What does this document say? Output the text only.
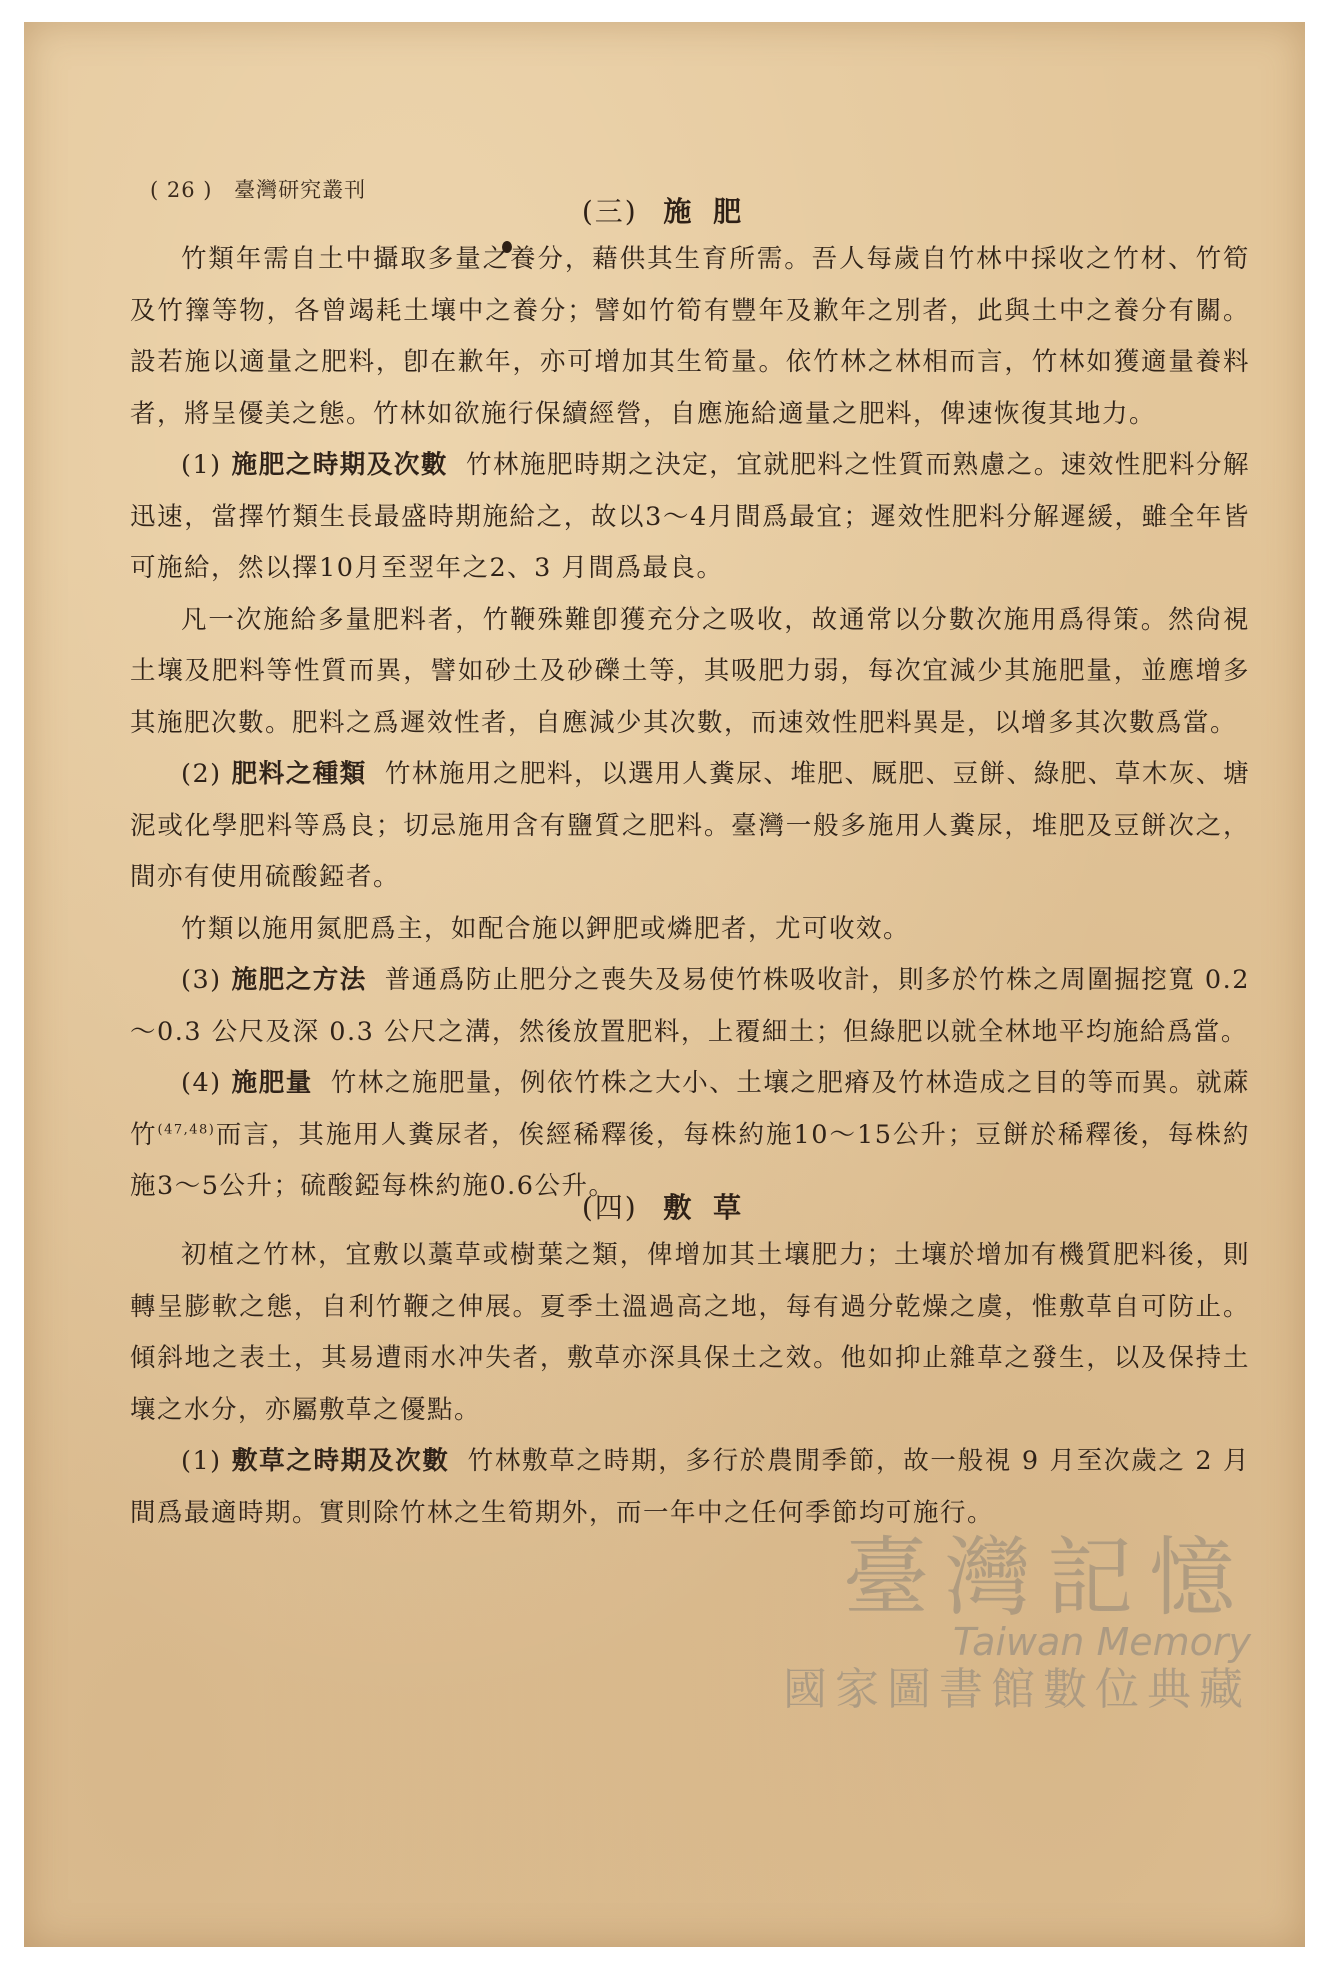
( 26 ) 臺灣研究叢刊
(三) 施 肥

竹類年需自土中攝取多量之養分，藉供其生育所需。吾人每歲自竹林中採收之竹材、竹筍及竹籜等物，各曾竭耗土壤中之養分；譬如竹筍有豐年及歉年之別者，此與土中之養分有關。設若施以適量之肥料，卽在歉年，亦可增加其生筍量。依竹林之林相而言，竹林如獲適量養料者，將呈優美之態。竹林如欲施行保續經營，自應施給適量之肥料，俾速恢復其地力。

(1) 施肥之時期及次數 竹林施肥時期之決定，宜就肥料之性質而熟慮之。速效性肥料分解迅速，當擇竹類生長最盛時期施給之，故以3～4月間爲最宜；遲效性肥料分解遲緩，雖全年皆可施給，然以擇10月至翌年之2、3 月間爲最良。

凡一次施給多量肥料者，竹鞭殊難卽獲充分之吸收，故通常以分數次施用爲得策。然尙視土壤及肥料等性質而異，譬如砂土及砂礫土等，其吸肥力弱，每次宜減少其施肥量，並應增多其施肥次數。肥料之爲遲效性者，自應減少其次數，而速效性肥料異是，以增多其次數爲當。

(2) 肥料之種類 竹林施用之肥料，以選用人糞尿、堆肥、厩肥、豆餅、綠肥、草木灰、塘泥或化學肥料等爲良；切忌施用含有鹽質之肥料。臺灣一般多施用人糞尿，堆肥及豆餅次之，間亦有使用硫酸錏者。

竹類以施用氮肥爲主，如配合施以鉀肥或燐肥者，尤可收效。

(3) 施肥之方法 普通爲防止肥分之喪失及易使竹株吸收計，則多於竹株之周圍掘挖寬 0.2～0.3 公尺及深 0.3 公尺之溝，然後放置肥料，上覆細土；但綠肥以就全林地平均施給爲當。

(4) 施肥量 竹林之施肥量，例依竹株之大小、土壤之肥瘠及竹林造成之目的等而異。就蔴竹$^{(47,48)}$而言，其施用人糞尿者，俟經稀釋後，每株約施10～15公升；豆餅於稀釋後，每株約施3～5公升；硫酸錏每株約施0.6公升。

(四) 敷 草

初植之竹林，宜敷以藁草或樹葉之類，俾增加其土壤肥力；土壤於增加有機質肥料後，則轉呈膨軟之態，自利竹鞭之伸展。夏季土溫過高之地，每有過分乾燥之虞，惟敷草自可防止。傾斜地之表土，其易遭雨水冲失者，敷草亦深具保土之效。他如抑止雜草之發生，以及保持土壤之水分，亦屬敷草之優點。

(1) 敷草之時期及次數 竹林敷草之時期，多行於農閒季節，故一般視 9 月至次歲之 2 月間爲最適時期。實則除竹林之生筍期外，而一年中之任何季節均可施行。

臺灣記憶
Taiwan Memory
國家圖書館數位典藏
